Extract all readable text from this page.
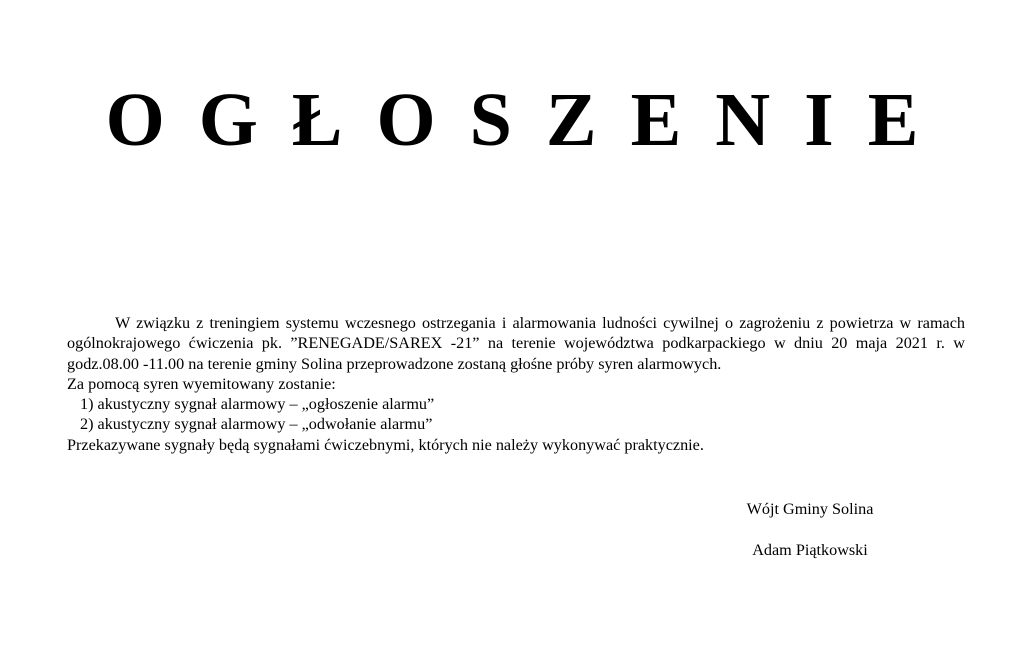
OGŁOSZENIE

W związku z treningiem systemu wczesnego ostrzegania i alarmowania ludności cywilnej o zagrożeniu z powietrza w ramach ogólnokrajowego ćwiczenia pk. ”RENEGADE/SAREX -21” na terenie województwa podkarpackiego w dniu 20 maja 2021 r. w godz.08.00 -11.00 na terenie gminy Solina przeprowadzone zostaną głośne próby syren alarmowych.

Za pomocą syren wyemitowany zostanie:

1) akustyczny sygnał alarmowy – „ogłoszenie alarmu”

2) akustyczny sygnał alarmowy – „odwołanie alarmu”

Przekazywane sygnały będą sygnałami ćwiczebnymi, których nie należy wykonywać praktycznie.

Wójt Gminy Solina
Adam Piątkowski
